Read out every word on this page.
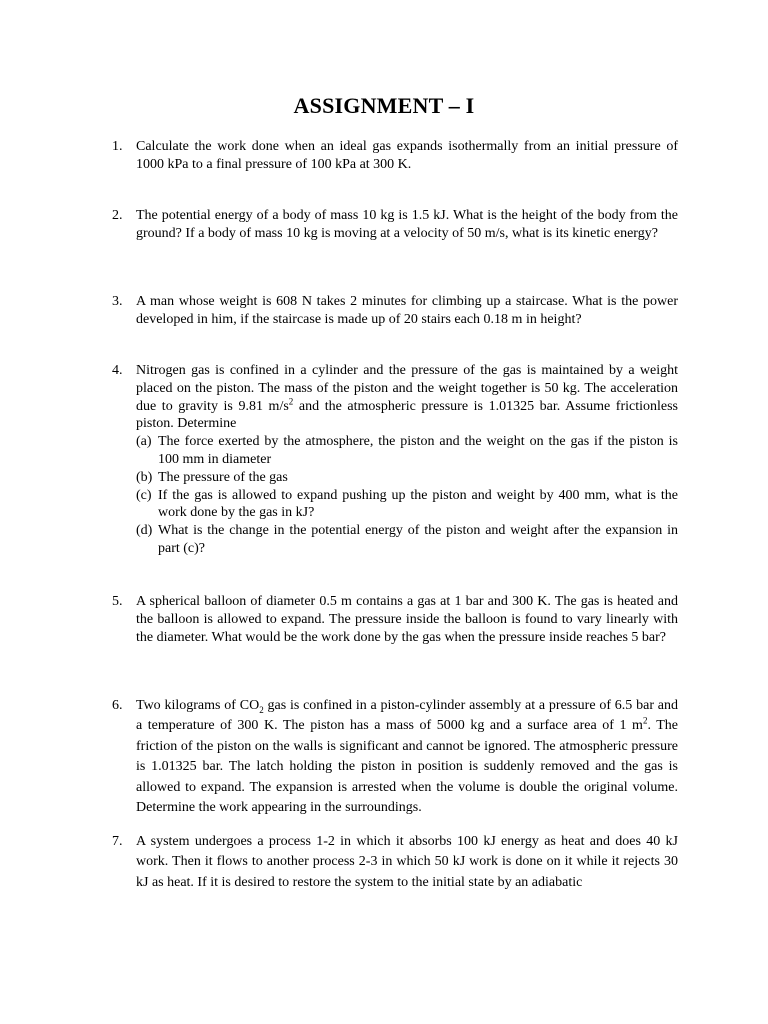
ASSIGNMENT – I
1. Calculate the work done when an ideal gas expands isothermally from an initial pressure of 1000 kPa to a final pressure of 100 kPa at 300 K.
2. The potential energy of a body of mass 10 kg is 1.5 kJ. What is the height of the body from the ground? If a body of mass 10 kg is moving at a velocity of 50 m/s, what is its kinetic energy?
3. A man whose weight is 608 N takes 2 minutes for climbing up a staircase. What is the power developed in him, if the staircase is made up of 20 stairs each 0.18 m in height?
4. Nitrogen gas is confined in a cylinder and the pressure of the gas is maintained by a weight placed on the piston. The mass of the piston and the weight together is 50 kg. The acceleration due to gravity is 9.81 $m/s^2$ and the atmospheric pressure is 1.01325 bar. Assume frictionless piston. Determine
(a) The force exerted by the atmosphere, the piston and the weight on the gas if the piston is 100 mm in diameter
(b) The pressure of the gas
(c) If the gas is allowed to expand pushing up the piston and weight by 400 mm, what is the work done by the gas in kJ?
(d) What is the change in the potential energy of the piston and weight after the expansion in part (c)?
5. A spherical balloon of diameter 0.5 m contains a gas at 1 bar and 300 K. The gas is heated and the balloon is allowed to expand. The pressure inside the balloon is found to vary linearly with the diameter. What would be the work done by the gas when the pressure inside reaches 5 bar?
6. Two kilograms of $CO_2$ gas is confined in a piston-cylinder assembly at a pressure of 6.5 bar and a temperature of 300 K. The piston has a mass of 5000 kg and a surface area of 1 $m^2$. The friction of the piston on the walls is significant and cannot be ignored. The atmospheric pressure is 1.01325 bar. The latch holding the piston in position is suddenly removed and the gas is allowed to expand. The expansion is arrested when the volume is double the original volume. Determine the work appearing in the surroundings.
7. A system undergoes a process 1-2 in which it absorbs 100 kJ energy as heat and does 40 kJ work. Then it flows to another process 2-3 in which 50 kJ work is done on it while it rejects 30 kJ as heat. If it is desired to restore the system to the initial state by an adiabatic
